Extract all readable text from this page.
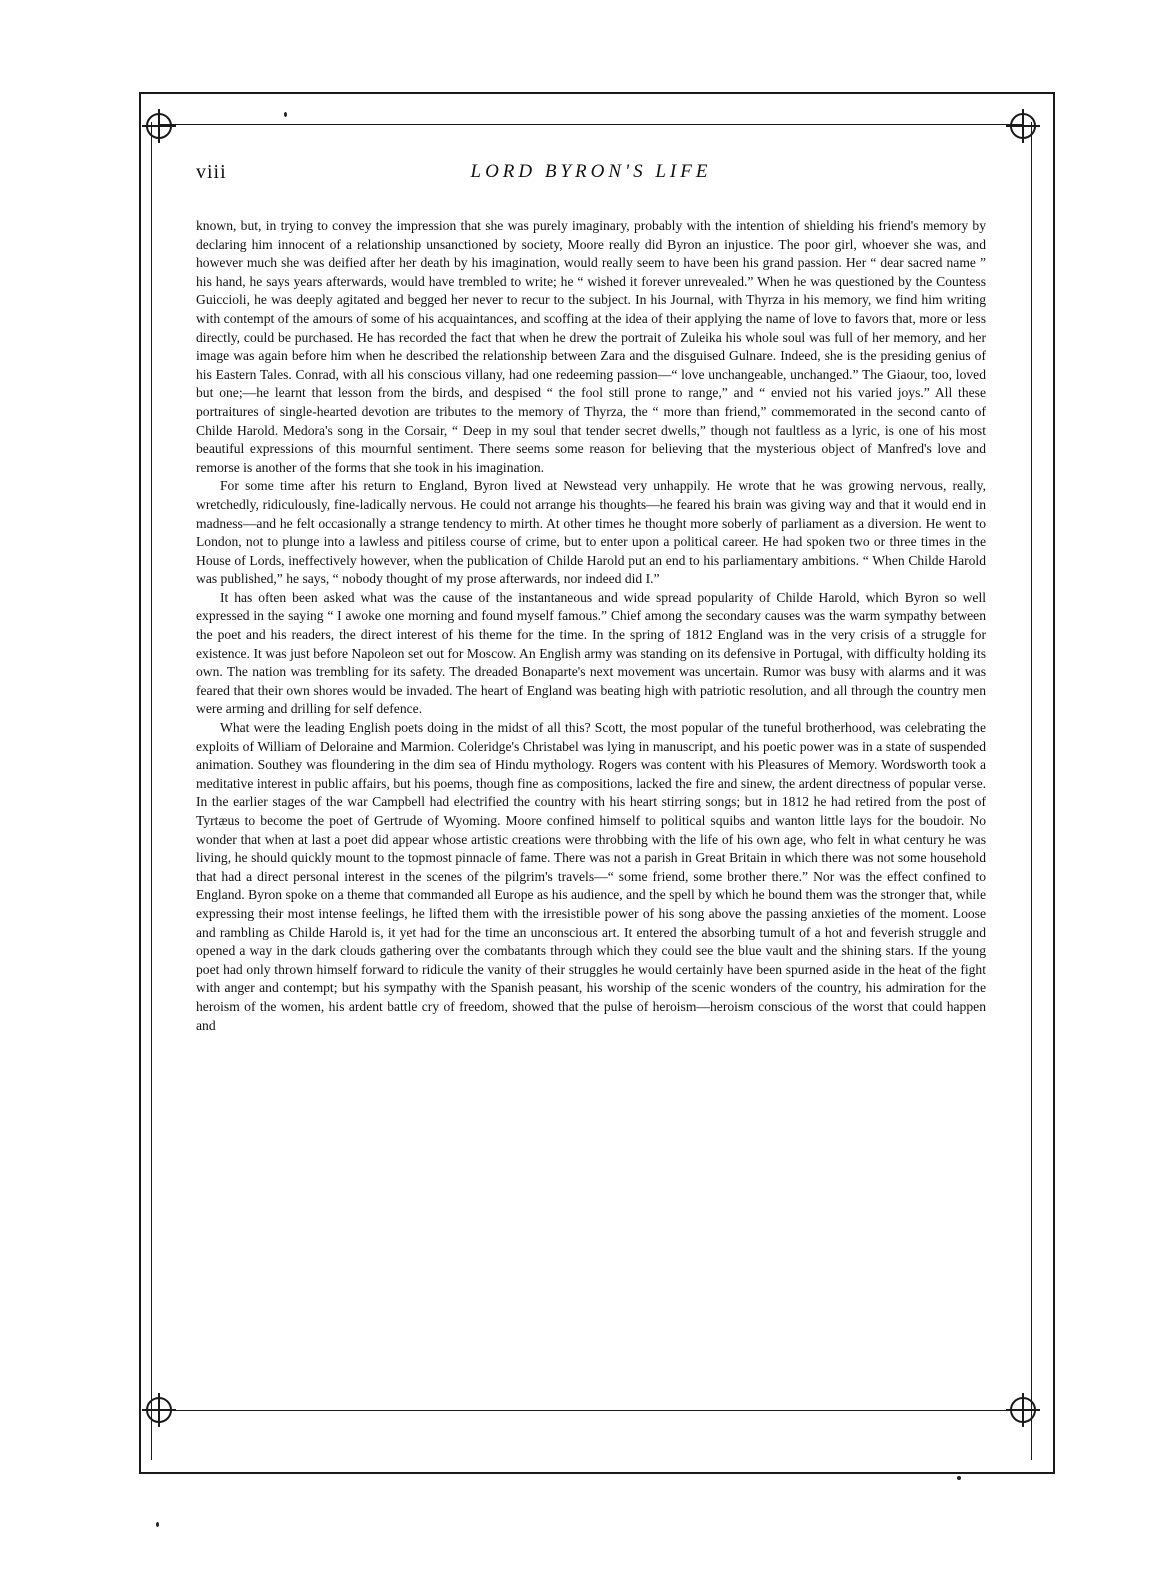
viii	LORD BYRON'S LIFE

known, but, in trying to convey the impression that she was purely imaginary, probably with the intention of shielding his friend's memory by declaring him innocent of a relationship unsanctioned by society, Moore really did Byron an injustice. The poor girl, whoever she was, and however much she was deified after her death by his imagination, would really seem to have been his grand passion. Her “ dear sacred name ” his hand, he says years afterwards, would have trembled to write; he “ wished it forever unrevealed.” When he was questioned by the Countess Guiccioli, he was deeply agitated and begged her never to recur to the subject. In his Journal, with Thyrza in his memory, we find him writing with contempt of the amours of some of his acquaintances, and scoffing at the idea of their applying the name of love to favors that, more or less directly, could be purchased. He has recorded the fact that when he drew the portrait of Zuleika his whole soul was full of her memory, and her image was again before him when he described the relationship between Zara and the disguised Gulnare. Indeed, she is the presiding genius of his Eastern Tales. Conrad, with all his conscious villany, had one redeeming passion—“ love unchangeable, unchanged.” The Giaour, too, loved but one;—he learnt that lesson from the birds, and despised “ the fool still prone to range,” and “ envied not his varied joys.” All these portraitures of single-hearted devotion are tributes to the memory of Thyrza, the “ more than friend,” commemorated in the second canto of Childe Harold. Medora's song in the Corsair, “ Deep in my soul that tender secret dwells,” though not faultless as a lyric, is one of his most beautiful expressions of this mournful sentiment. There seems some reason for believing that the mysterious object of Manfred's love and remorse is another of the forms that she took in his imagination.

For some time after his return to England, Byron lived at Newstead very unhappily. He wrote that he was growing nervous, really, wretchedly, ridiculously, fine-ladically nervous. He could not arrange his thoughts—he feared his brain was giving way and that it would end in madness—and he felt occasionally a strange tendency to mirth. At other times he thought more soberly of parliament as a diversion. He went to London, not to plunge into a lawless and pitiless course of crime, but to enter upon a political career. He had spoken two or three times in the House of Lords, ineffectively however, when the publication of Childe Harold put an end to his parliamentary ambitions. “ When Childe Harold was published,” he says, “ nobody thought of my prose afterwards, nor indeed did I.”

It has often been asked what was the cause of the instantaneous and wide spread popularity of Childe Harold, which Byron so well expressed in the saying “ I awoke one morning and found myself famous.” Chief among the secondary causes was the warm sympathy between the poet and his readers, the direct interest of his theme for the time. In the spring of 1812 England was in the very crisis of a struggle for existence. It was just before Napoleon set out for Moscow. An English army was standing on its defensive in Portugal, with difficulty holding its own. The nation was trembling for its safety. The dreaded Bonaparte's next movement was uncertain. Rumor was busy with alarms and it was feared that their own shores would be invaded. The heart of England was beating high with patriotic resolution, and all through the country men were arming and drilling for self defence.

What were the leading English poets doing in the midst of all this? Scott, the most popular of the tuneful brotherhood, was celebrating the exploits of William of Deloraine and Marmion. Coleridge's Christabel was lying in manuscript, and his poetic power was in a state of suspended animation. Southey was floundering in the dim sea of Hindu mythology. Rogers was content with his Pleasures of Memory. Wordsworth took a meditative interest in public affairs, but his poems, though fine as compositions, lacked the fire and sinew, the ardent directness of popular verse. In the earlier stages of the war Campbell had electrified the country with his heart stirring songs; but in 1812 he had retired from the post of Tyrtæus to become the poet of Gertrude of Wyoming. Moore confined himself to political squibs and wanton little lays for the boudoir. No wonder that when at last a poet did appear whose artistic creations were throbbing with the life of his own age, who felt in what century he was living, he should quickly mount to the topmost pinnacle of fame. There was not a parish in Great Britain in which there was not some household that had a direct personal interest in the scenes of the pilgrim's travels—“ some friend, some brother there.” Nor was the effect confined to England. Byron spoke on a theme that commanded all Europe as his audience, and the spell by which he bound them was the stronger that, while expressing their most intense feelings, he lifted them with the irresistible power of his song above the passing anxieties of the moment. Loose and rambling as Childe Harold is, it yet had for the time an unconscious art. It entered the absorbing tumult of a hot and feverish struggle and opened a way in the dark clouds gathering over the combatants through which they could see the blue vault and the shining stars. If the young poet had only thrown himself forward to ridicule the vanity of their struggles he would certainly have been spurned aside in the heat of the fight with anger and contempt; but his sympathy with the Spanish peasant, his worship of the scenic wonders of the country, his admiration for the heroism of the women, his ardent battle cry of freedom, showed that the pulse of heroism—heroism conscious of the worst that could happen and
